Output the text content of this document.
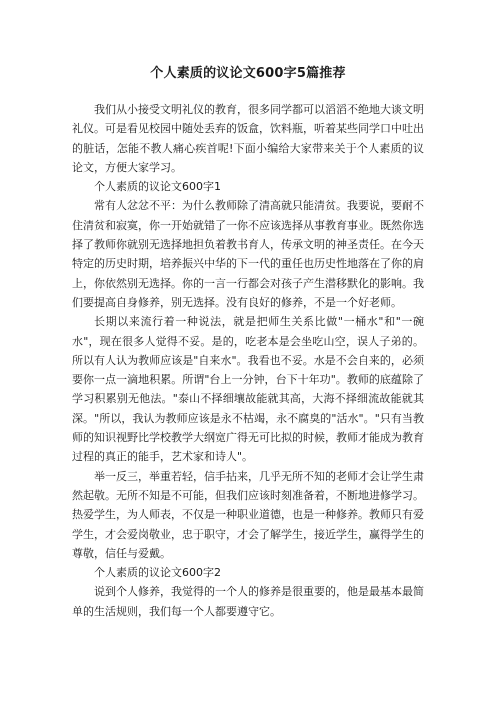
个人素质的议论文600字5篇推荐

我们从小接受文明礼仪的教育，很多同学都可以滔滔不绝地大谈文明礼仪。可是看见校园中随处丢弃的饭盒，饮料瓶，听着某些同学口中吐出的脏话，怎能不教人痛心疾首呢!下面小编给大家带来关于个人素质的议论文，方便大家学习。

个人素质的议论文600字1

常有人忿忿不平：为什么教师除了清高就只能清贫。我要说，要耐不住清贫和寂寞，你一开始就错了一你不应该选择从事教育事业。既然你选择了教师你就别无选择地担负着教书育人，传承文明的神圣责任。在今天特定的历史时期，培养振兴中华的下一代的重任也历史性地落在了你的肩上，你依然别无选择。你的一言一行都会对孩子产生潜移默化的影响。我们要提高自身修养，别无选择。没有良好的修养，不是一个好老师。

长期以来流行着一种说法，就是把师生关系比做"一桶水"和"一碗水"，现在很多人觉得不妥。是的，吃老本是会坐吃山空，误人子弟的。所以有人认为教师应该是"自来水"。我看也不妥。水是不会自来的，必须要你一点一滴地积累。所谓"台上一分钟，台下十年功"。教师的底蕴除了学习积累别无他法。"泰山不择细壤故能就其高，大海不择细流故能就其深。"所以，我认为教师应该是永不枯竭，永不腐臭的"活水"。"只有当教师的知识视野比学校教学大纲宽广得无可比拟的时候，教师才能成为教育过程的真正的能手，艺术家和诗人"。

举一反三，举重若轻，信手拈来，几乎无所不知的老师才会让学生肃然起敬。无所不知是不可能，但我们应该时刻准备着，不断地进修学习。热爱学生，为人师表，不仅是一种职业道德，也是一种修养。教师只有爱学生，才会爱岗敬业，忠于职守，才会了解学生，接近学生，赢得学生的尊敬，信任与爱戴。

个人素质的议论文600字2

说到个人修养，我觉得的一个人的修养是很重要的，他是最基本最简单的生活规则，我们每一个人都要遵守它。
